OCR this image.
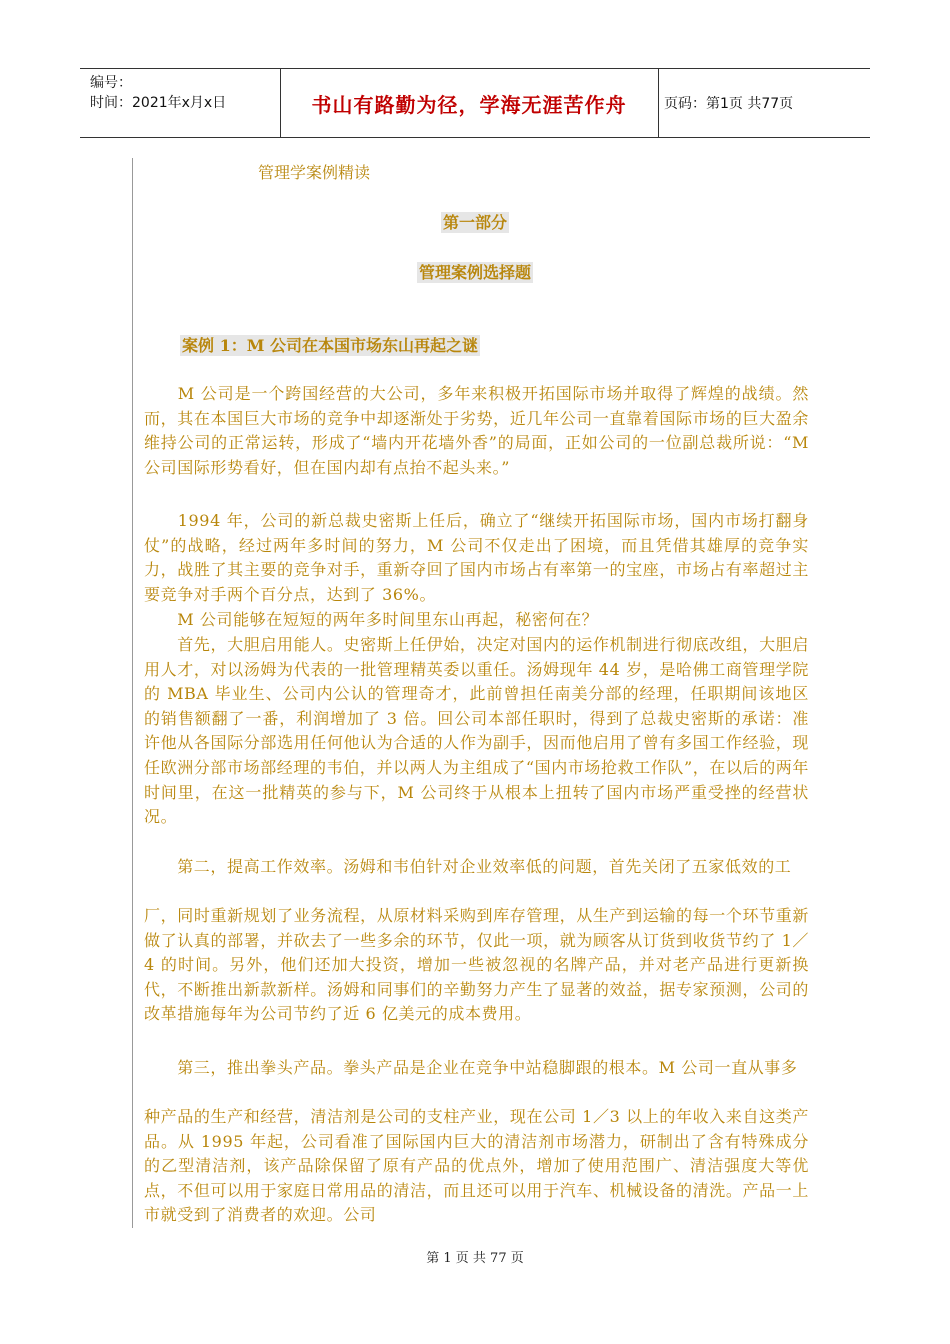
编号：
时间：2021年x月x日	书山有路勤为径，学海无涯苦作舟	页码：第1页 共77页
管理学案例精读
第一部分
管理案例选择题
案例 1：M 公司在本国市场东山再起之谜

　　M 公司是一个跨国经营的大公司，多年来积极开拓国际市场并取得了辉煌的战绩。然而，其在本国巨大市场的竞争中却逐渐处于劣势，近几年公司一直靠着国际市场的巨大盈余维持公司的正常运转，形成了“墙内开花墙外香”的局面，正如公司的一位副总裁所说：“M 公司国际形势看好，但在国内却有点抬不起头来。”

　　1994 年，公司的新总裁史密斯上任后，确立了“继续开拓国际市场，国内市场打翻身仗”的战略，经过两年多时间的努力，M 公司不仅走出了困境，而且凭借其雄厚的竞争实力，战胜了其主要的竞争对手，重新夺回了国内市场占有率第一的宝座，市场占有率超过主要竞争对手两个百分点，达到了 36%。

　　M 公司能够在短短的两年多时间里东山再起，秘密何在？

　　首先，大胆启用能人。史密斯上任伊始，决定对国内的运作机制进行彻底改组，大胆启用人才，对以汤姆为代表的一批管理精英委以重任。汤姆现年 44 岁，是哈佛工商管理学院的 MBA 毕业生、公司内公认的管理奇才，此前曾担任南美分部的经理，任职期间该地区的销售额翻了一番，利润增加了 3 倍。回公司本部任职时，得到了总裁史密斯的承诺：准许他从各国际分部选用任何他认为合适的人作为副手，因而他启用了曾有多国工作经验，现任欧洲分部市场部经理的韦伯，并以两人为主组成了“国内市场抢救工作队”，在以后的两年时间里，在这一批精英的参与下，M 公司终于从根本上扭转了国内市场严重受挫的经营状况。

　　第二，提高工作效率。汤姆和韦伯针对企业效率低的问题，首先关闭了五家低效的工

厂，同时重新规划了业务流程，从原材料采购到库存管理，从生产到运输的每一个环节重新做了认真的部署，并砍去了一些多余的环节，仅此一项，就为顾客从订货到收货节约了 1／4 的时间。另外，他们还加大投资，增加一些被忽视的名牌产品，并对老产品进行更新换代，不断推出新款新样。汤姆和同事们的辛勤努力产生了显著的效益，据专家预测，公司的改革措施每年为公司节约了近 6 亿美元的成本费用。

　　第三，推出拳头产品。拳头产品是企业在竞争中站稳脚跟的根本。M 公司一直从事多

种产品的生产和经营，清洁剂是公司的支柱产业，现在公司 1／3 以上的年收入来自这类产品。从 1995 年起，公司看准了国际国内巨大的清洁剂市场潜力，研制出了含有特殊成分的乙型清洁剂，该产品除保留了原有产品的优点外，增加了使用范围广、清洁强度大等优点，不但可以用于家庭日常用品的清洁，而且还可以用于汽车、机械设备的清洗。产品一上市就受到了消费者的欢迎。公司

第 1 页 共 77 页
